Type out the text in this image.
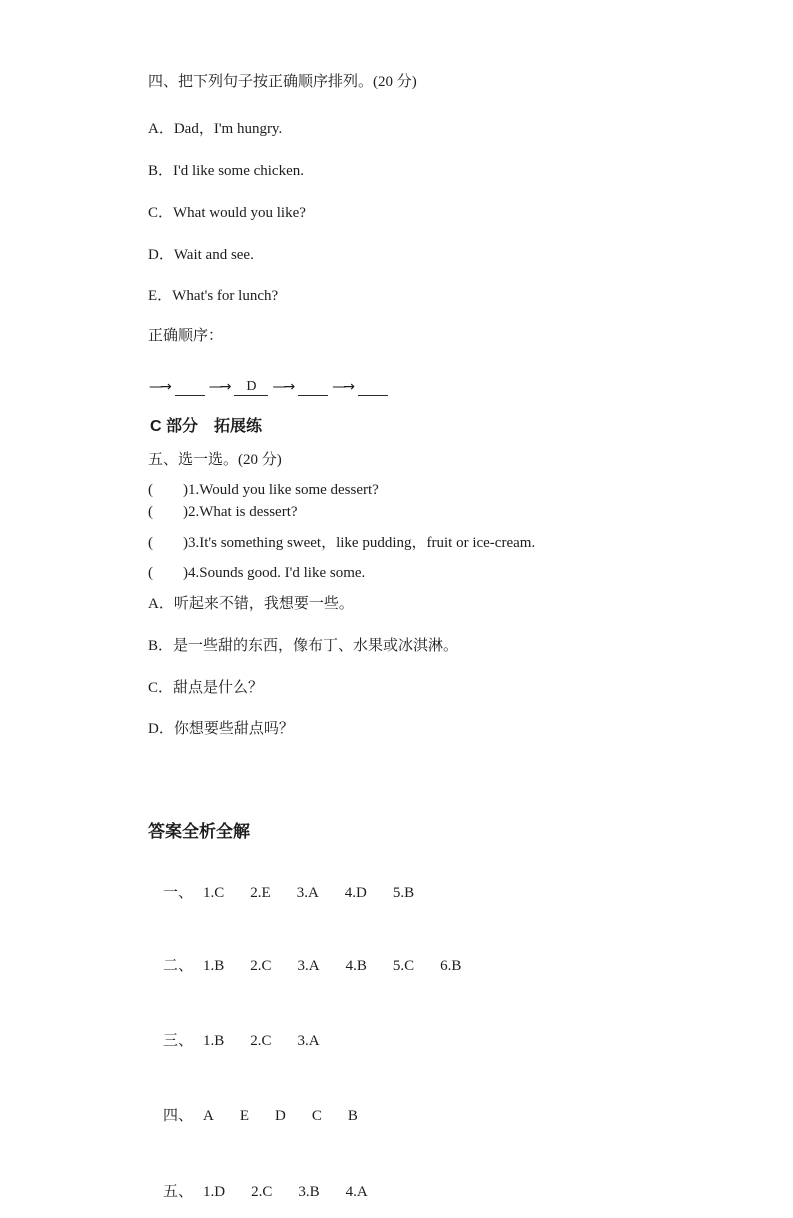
四、把下列句子按正确顺序排列。(20 分)
A．Dad，I'm hungry.
B．I'd like some chicken.
C．What would you like?
D．Wait and see.
E．What's for lunch?
正确顺序：

—→	—→ D —→	—→

C 部分　拓展练
五、选一选。(20 分)
(　　)1.Would you like some dessert?
(　　)2.What is dessert?
(　　)3.It's something sweet，like pudding，fruit or ice-cream.
(　　)4.Sounds good. I'd like some.
A．听起来不错，我想要一些。
B．是一些甜的东西，像布丁、水果或冰淇淋。
C．甜点是什么？
D．你想要些甜点吗？
答案全析全解

一、 1.C 2.E 3.A 4.D 5.B

二、 1.B 2.C 3.A 4.B 5.C 6.B

三、 1.B 2.C 3.A

四、 A E D C B

五、 1.D 2.C 3.B 4.A
